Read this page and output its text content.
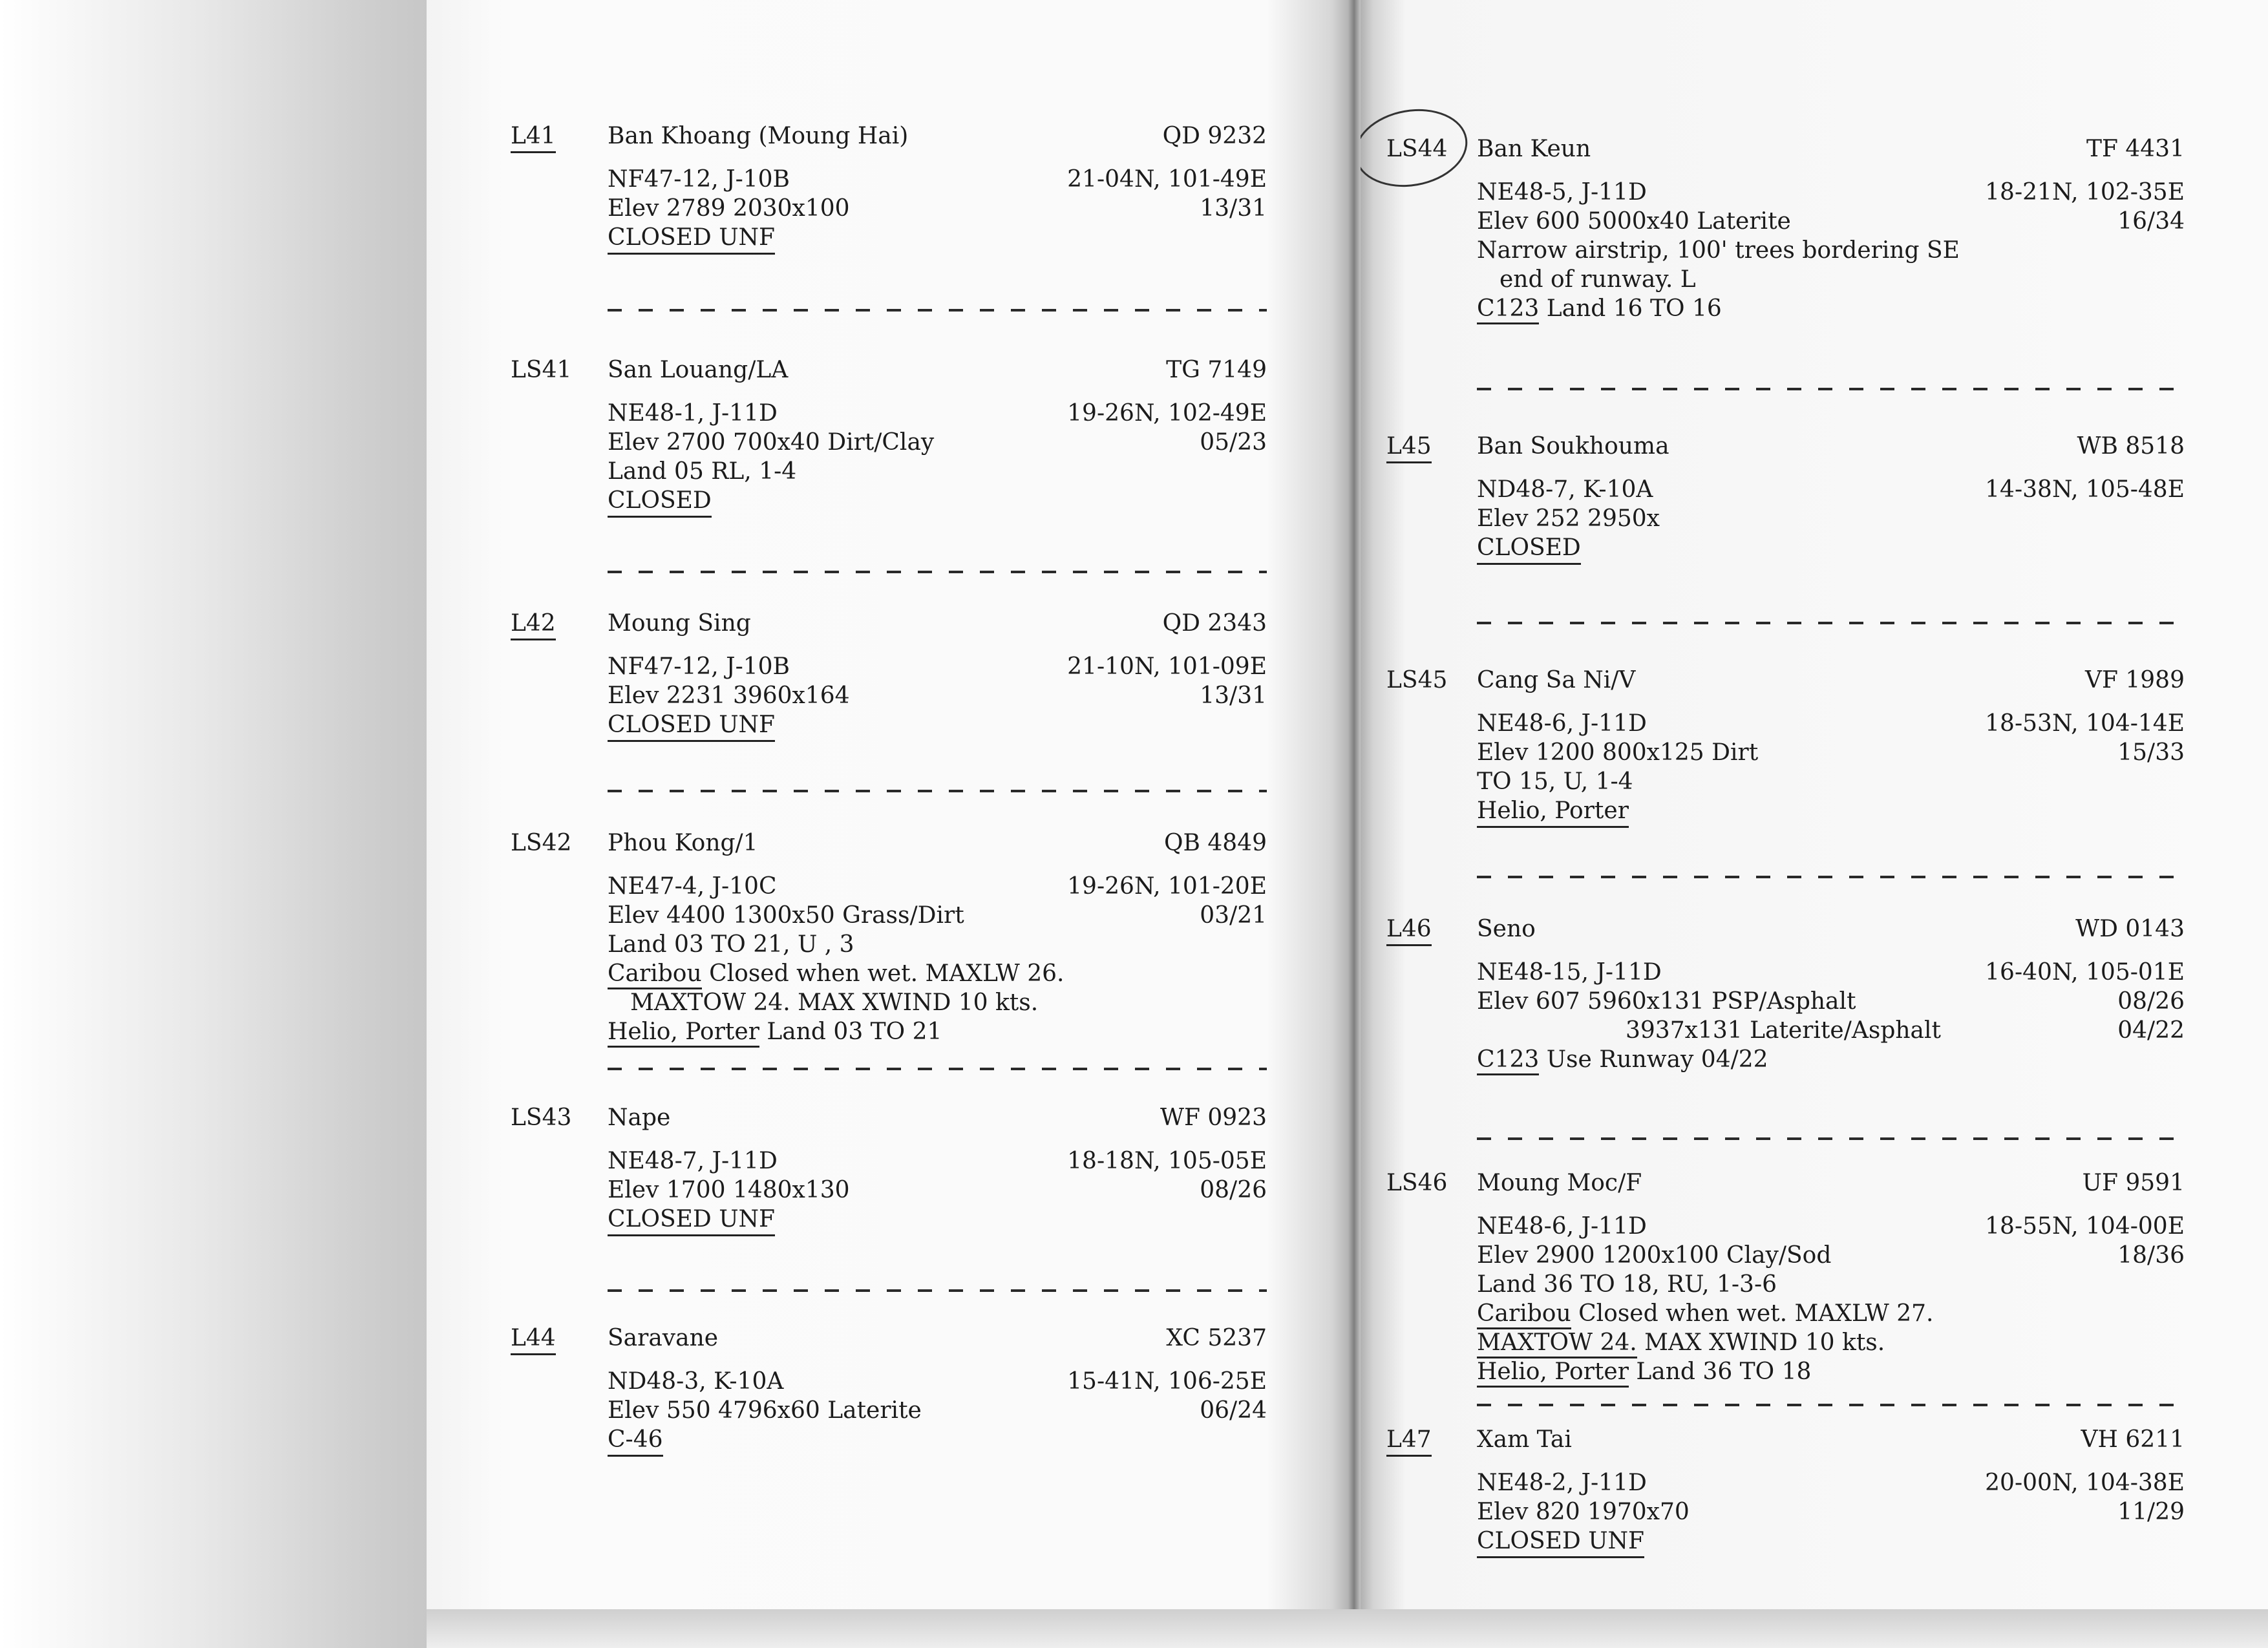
L41 Ban Khoang (Moung Hai)	QD 9232
NF47-12, J-10B	21-04N, 101-49E
Elev 2789 2030x100	13/31
CLOSED UNF
LS41 San Louang/LA	TG 7149
NE48-1, J-11D	19-26N, 102-49E
Elev 2700 700x40 Dirt/Clay	05/23
Land 05 RL, 1-4
CLOSED
L42 Moung Sing	QD 2343
NF47-12, J-10B	21-10N, 101-09E
Elev 2231 3960x164	13/31
CLOSED UNF
LS42 Phou Kong/1	QB 4849
NE47-4, J-10C	19-26N, 101-20E
Elev 4400 1300x50 Grass/Dirt	03/21
Land 03 TO 21, U , 3
Caribou Closed when wet. MAXLW 26.
MAXTOW 24. MAX XWIND 10 kts.
Helio, Porter Land 03 TO 21
LS43 Nape	WF 0923
NE48-7, J-11D	18-18N, 105-05E
Elev 1700 1480x130	08/26
CLOSED UNF
L44 Saravane	XC 5237
ND48-3, K-10A	15-41N, 106-25E
Elev 550 4796x60 Laterite	06/24
C-46
LS44 Ban Keun	TF 4431
NE48-5, J-11D	18-21N, 102-35E
Elev 600 5000x40 Laterite	16/34
Narrow airstrip, 100' trees bordering SE
end of runway. L
C123 Land 16 TO 16
L45 Ban Soukhouma	WB 8518
ND48-7, K-10A	14-38N, 105-48E
Elev 252 2950x
CLOSED
LS45 Cang Sa Ni/V	VF 1989
NE48-6, J-11D	18-53N, 104-14E
Elev 1200 800x125 Dirt	15/33
TO 15, U, 1-4
Helio, Porter
L46 Seno	WD 0143
NE48-15, J-11D	16-40N, 105-01E
Elev 607 5960x131 PSP/Asphalt	08/26
3937x131 Laterite/Asphalt	04/22
C123 Use Runway 04/22
LS46 Moung Moc/F	UF 9591
NE48-6, J-11D	18-55N, 104-00E
Elev 2900 1200x100 Clay/Sod	18/36
Land 36 TO 18, RU, 1-3-6
Caribou Closed when wet. MAXLW 27.
MAXTOW 24. MAX XWIND 10 kts.
Helio, Porter Land 36 TO 18
L47 Xam Tai	VH 6211
NE48-2, J-11D	20-00N, 104-38E
Elev 820 1970x70	11/29
CLOSED UNF
